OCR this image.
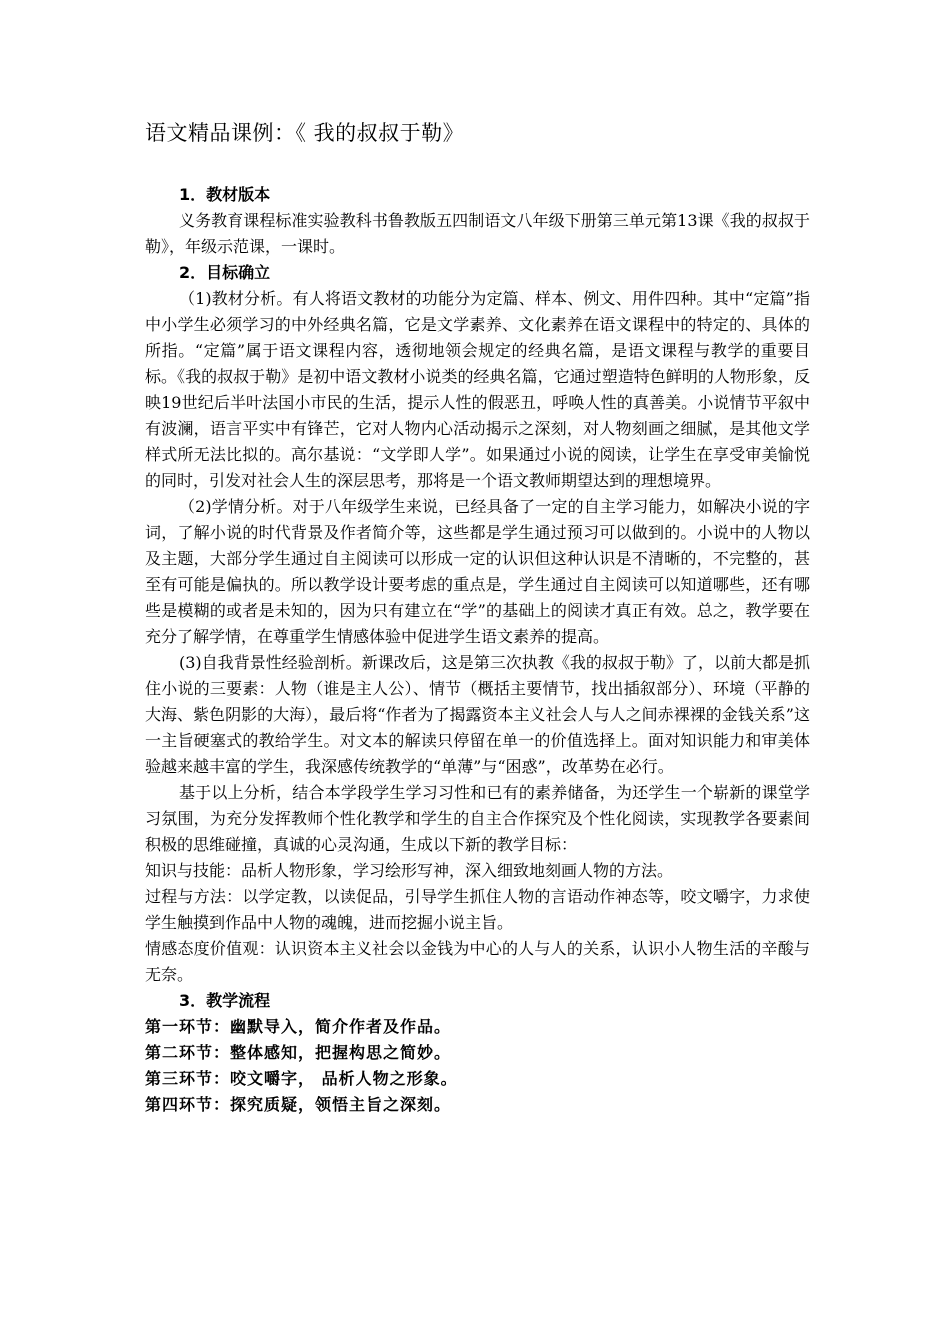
语文精品课例：《 我的叔叔于勒》

1．教材版本

义务教育课程标准实验教科书鲁教版五四制语文八年级下册第三单元第13课《我的叔叔于勒》，年级示范课，一课时。

2．目标确立

（1)教材分析。有人将语文教材的功能分为定篇、样本、例文、用件四种。其中“定篇”指中小学生必须学习的中外经典名篇，它是文学素养、文化素养在语文课程中的特定的、具体的所指。“定篇”属于语文课程内容，透彻地领会规定的经典名篇，是语文课程与教学的重要目标。《我的叔叔于勒》是初中语文教材小说类的经典名篇，它通过塑造特色鲜明的人物形象，反映19世纪后半叶法国小市民的生活，提示人性的假恶丑，呼唤人性的真善美。小说情节平叙中有波澜，语言平实中有锋芒，它对人物内心活动揭示之深刻，对人物刻画之细腻，是其他文学样式所无法比拟的。高尔基说：“文学即人学”。如果通过小说的阅读，让学生在享受审美愉悦的同时，引发对社会人生的深层思考，那将是一个语文教师期望达到的理想境界。

（2)学情分析。对于八年级学生来说，已经具备了一定的自主学习能力，如解决小说的字词，了解小说的时代背景及作者简介等，这些都是学生通过预习可以做到的。小说中的人物以及主题，大部分学生通过自主阅读可以形成一定的认识但这种认识是不清晰的，不完整的，甚至有可能是偏执的。所以教学设计要考虑的重点是，学生通过自主阅读可以知道哪些，还有哪些是模糊的或者是未知的，因为只有建立在“学”的基础上的阅读才真正有效。总之，教学要在充分了解学情，在尊重学生情感体验中促进学生语文素养的提高。

(3)自我背景性经验剖析。新课改后，这是第三次执教《我的叔叔于勒》了，以前大都是抓住小说的三要素：人物（谁是主人公）、情节（概括主要情节，找出插叙部分）、环境（平静的大海、紫色阴影的大海），最后将“作者为了揭露资本主义社会人与人之间赤裸裸的金钱关系”这一主旨硬塞式的教给学生。对文本的解读只停留在单一的价值选择上。面对知识能力和审美体验越来越丰富的学生，我深感传统教学的“单薄”与“困惑”，改革势在必行。

基于以上分析，结合本学段学生学习习性和已有的素养储备，为还学生一个崭新的课堂学习氛围，为充分发挥教师个性化教学和学生的自主合作探究及个性化阅读，实现教学各要素间积极的思维碰撞，真诚的心灵沟通，生成以下新的教学目标：

知识与技能：品析人物形象，学习绘形写神，深入细致地刻画人物的方法。

过程与方法：以学定教，以读促品，引导学生抓住人物的言语动作神态等，咬文嚼字，力求使学生触摸到作品中人物的魂魄，进而挖掘小说主旨。

情感态度价值观：认识资本主义社会以金钱为中心的人与人的关系，认识小人物生活的辛酸与无奈。

3．教学流程

第一环节：幽默导入，简介作者及作品。

第二环节：整体感知，把握构思之简妙。

第三环节：咬文嚼字， 品析人物之形象。

第四环节：探究质疑，领悟主旨之深刻。
